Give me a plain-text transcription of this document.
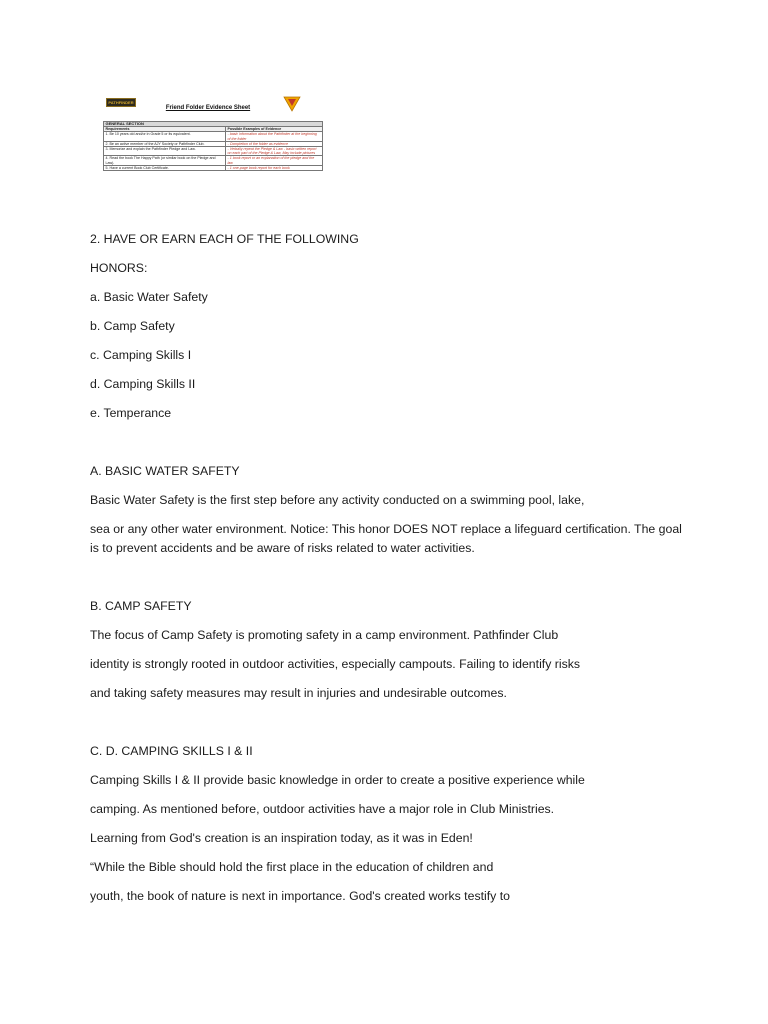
PATHFINDER
Friend Folder Evidence Sheet
GENERAL SECTION	
Requirements	Possible Examples of Evidence
1. Be 10 years old and/or in Grade 5 or its equivalent.	- basic information about the Pathfinder at the beginning of the folder
2. Be an active member of the AJY Society or Pathfinder Club.	- Completion of the folder as evidence
3. Memorize and explain the Pathfinder Pledge and Law.	- Verbally repeat the Pledge & Law - basic written report on each part of the Pledge & Law, May include pictures
4. Read the book The Happy Path (or similar book on the Pledge and Law).	- 1 book report or an explanation of the pledge and the law
5. Have a current Book Club Certificate.	- 1 one-page book report for each book

2. HAVE OR EARN EACH OF THE FOLLOWING

HONORS:

a. Basic Water Safety

b. Camp Safety

c. Camping Skills I

d. Camping Skills II

e. Temperance

A. BASIC WATER SAFETY

Basic Water Safety is the first step before any activity conducted on a swimming pool, lake,

sea or any other water environment. Notice: This honor DOES NOT replace a lifeguard certification. The goal is to prevent accidents and be aware of risks related to water activities.

B. CAMP SAFETY

The focus of Camp Safety is promoting safety in a camp environment. Pathfinder Club

identity is strongly rooted in outdoor activities, especially campouts. Failing to identify risks

and taking safety measures may result in injuries and undesirable outcomes.

C. D. CAMPING SKILLS I & II

Camping Skills I & II provide basic knowledge in order to create a positive experience while

camping. As mentioned before, outdoor activities have a major role in Club Ministries.

Learning from God's creation is an inspiration today, as it was in Eden!

“While the Bible should hold the first place in the education of children and

youth, the book of nature is next in importance. God's created works testify to
